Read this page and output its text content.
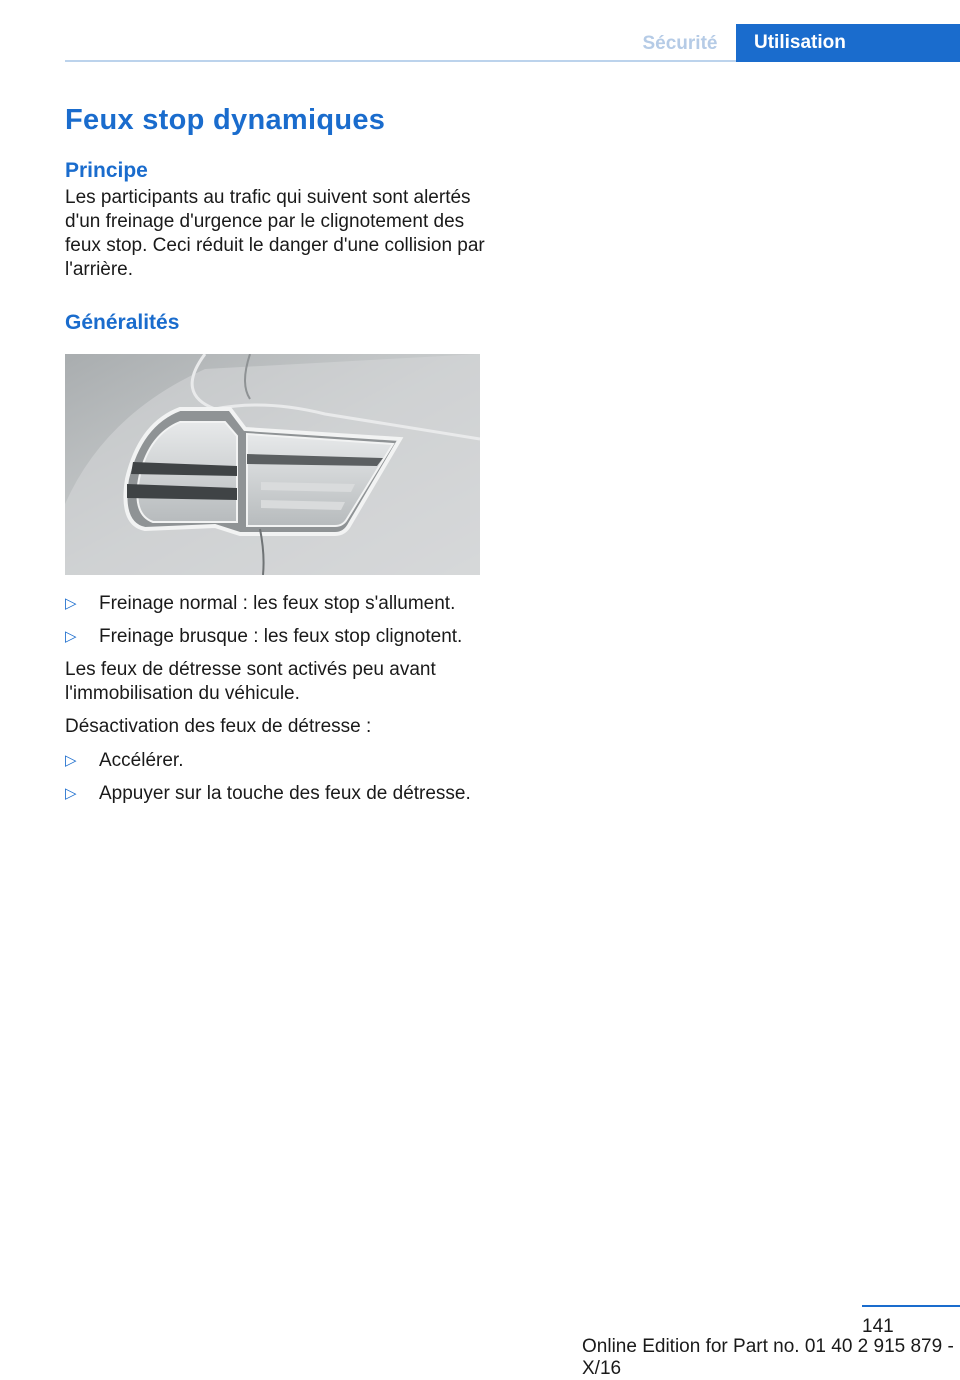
Sécurité	Utilisation
Feux stop dynamiques
Principe

Les participants au trafic qui suivent sont alertés d'un freinage d'urgence par le clignotement des feux stop. Ceci réduit le danger d'une collision par l'arrière.

Généralités
▷ Freinage normal : les feux stop s'allument.
▷ Freinage brusque : les feux stop clignotent.

Les feux de détresse sont activés peu avant l'immobilisation du véhicule.

Désactivation des feux de détresse :

▷ Accélérer.
▷ Appuyer sur la touche des feux de détresse.
141
Online Edition for Part no. 01 40 2 915 879 - X/16
